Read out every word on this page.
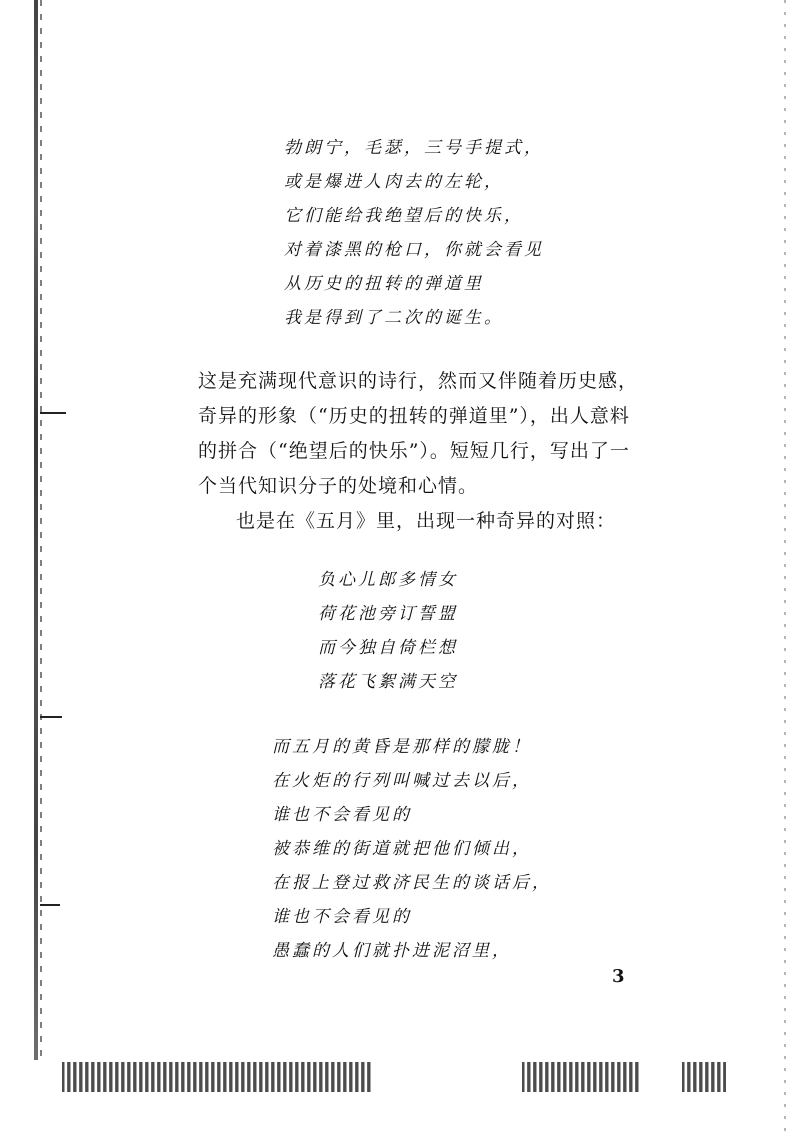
勃朗宁，毛瑟，三号手提式，
或是爆进人肉去的左轮，
它们能给我绝望后的快乐，
对着漆黑的枪口，你就会看见
从历史的扭转的弹道里
我是得到了二次的诞生。

这是充满现代意识的诗行，然而又伴随着历史感，奇异的形象（“历史的扭转的弹道里”），出人意料的拼合（“绝望后的快乐”）。短短几行，写出了一个当代知识分子的处境和心情。

也是在《五月》里，出现一种奇异的对照：

负心儿郎多情女
荷花池旁订誓盟
而今独自倚栏想
落花飞絮满天空
而五月的黄昏是那样的朦胧！
在火炬的行列叫喊过去以后，
谁也不会看见的
被恭维的街道就把他们倾出，
在报上登过救济民生的谈话后，
谁也不会看见的
愚蠢的人们就扑进泥沼里，
3
